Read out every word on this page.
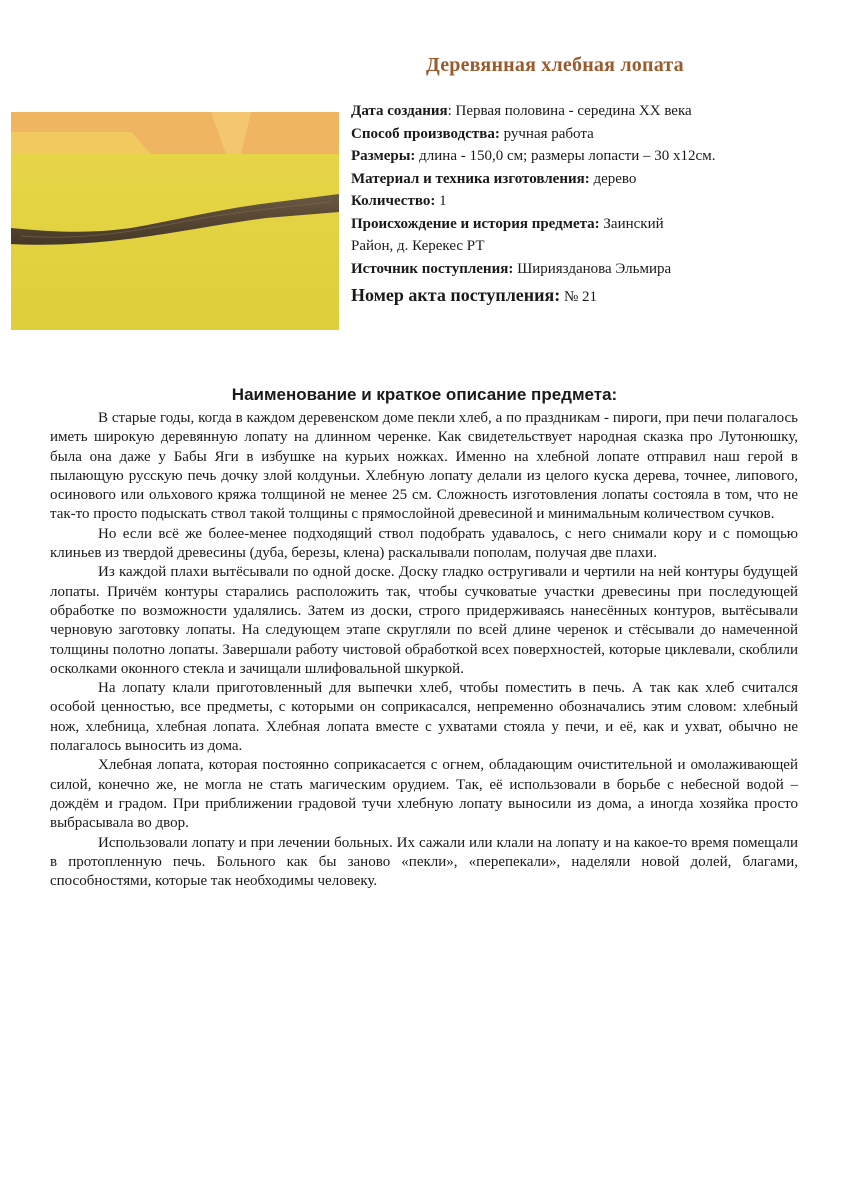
Деревянная хлебная лопата
Дата создания: Первая половина - середина XX века
Способ производства: ручная работа
Размеры: длина - 150,0 см; размеры лопасти – 30 x12см.
Материал и техника изготовления: дерево
Количество: 1
Происхождение и история предмета: Заинский
Район, д. Керекес РТ
Источник поступления: Шириязданова Эльмира
Номер акта поступления: № 21
Наименование и краткое описание предмета:

В старые годы, когда в каждом деревенском доме пекли хлеб, а по праздникам - пироги, при печи полагалось иметь широкую деревянную лопату на длинном черенке. Как свидетельствует народная сказка про Лутонюшку, была она даже у Бабы Яги в избушке на курьих ножках. Именно на хлебной лопате отправил наш герой в пылающую русскую печь дочку злой колдуньи. Хлебную лопату делали из целого куска дерева, точнее, липового, осинового или ольхового кряжа толщиной не менее 25 см. Сложность изготовления лопаты состояла в том, что не так-то просто подыскать ствол такой толщины с прямослойной древесиной и минимальным количеством сучков.

Но если всё же более-менее подходящий ствол подобрать удавалось, с него снимали кору и с помощью клиньев из твердой древесины (дуба, березы, клена) раскалывали пополам, получая две плахи.

Из каждой плахи вытёсывали по одной доске. Доску гладко остругивали и чертили на ней контуры будущей лопаты. Причём контуры старались расположить так, чтобы сучковатые участки древесины при последующей обработке по возможности удалялись. Затем из доски, строго придерживаясь нанесённых контуров, вытёсывали черновую заготовку лопаты. На следующем этапе скругляли по всей длине черенок и стёсывали до намеченной толщины полотно лопаты. Завершали работу чистовой обработкой всех поверхностей, которые циклевали, скоблили осколками оконного стекла и зачищали шлифовальной шкуркой.

На лопату клали приготовленный для выпечки хлеб, чтобы поместить в печь. А так как хлеб считался особой ценностью, все предметы, с которыми он соприкасался, непременно обозначались этим словом: хлебный нож, хлебница, хлебная лопата. Хлебная лопата вместе с ухватами стояла у печи, и её, как и ухват, обычно не полагалось выносить из дома.

Хлебная лопата, которая постоянно соприкасается с огнем, обладающим очистительной и омолаживающей силой, конечно же, не могла не стать магическим орудием. Так, её использовали в борьбе с небесной водой – дождём и градом. При приближении градовой тучи хлебную лопату выносили из дома, а иногда хозяйка просто выбрасывала во двор.

Использовали лопату и при лечении больных. Их сажали или клали на лопату и на какое-то время помещали в протопленную печь. Больного как бы заново «пекли», «перепекали», наделяли новой долей, благами, способностями, которые так необходимы человеку.
